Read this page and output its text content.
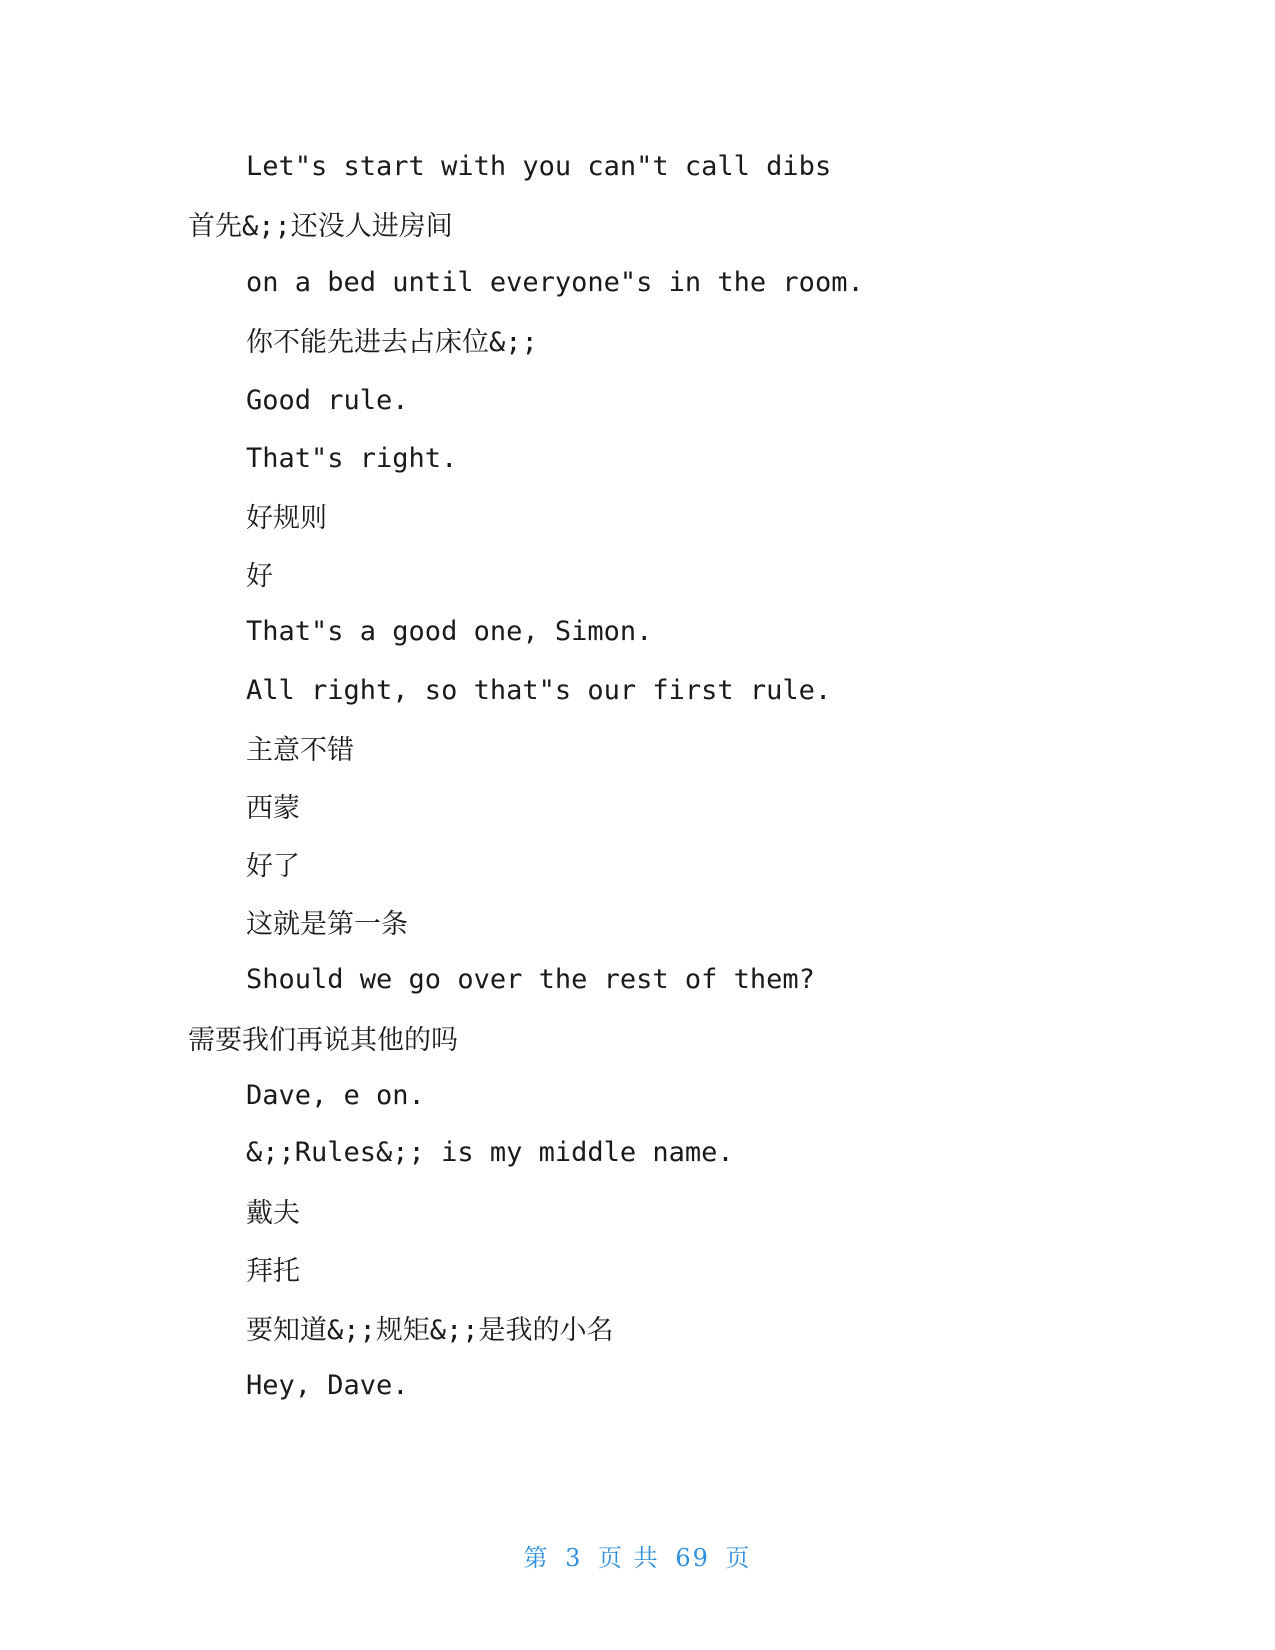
Let"s start with you can"t call dibs
首先&;;还没人进房间
on a bed until everyone"s in the room.
你不能先进去占床位&;;
Good rule.
That"s right.
好规则
好
That"s a good one, Simon.
All right, so that"s our first rule.
主意不错
西蒙
好了
这就是第一条
Should we go over the rest of them?
需要我们再说其他的吗
Dave, e on.
&;;Rules&;; is my middle name.
戴夫
拜托
要知道&;;规矩&;;是我的小名
Hey, Dave.
第 3 页 共 69 页
